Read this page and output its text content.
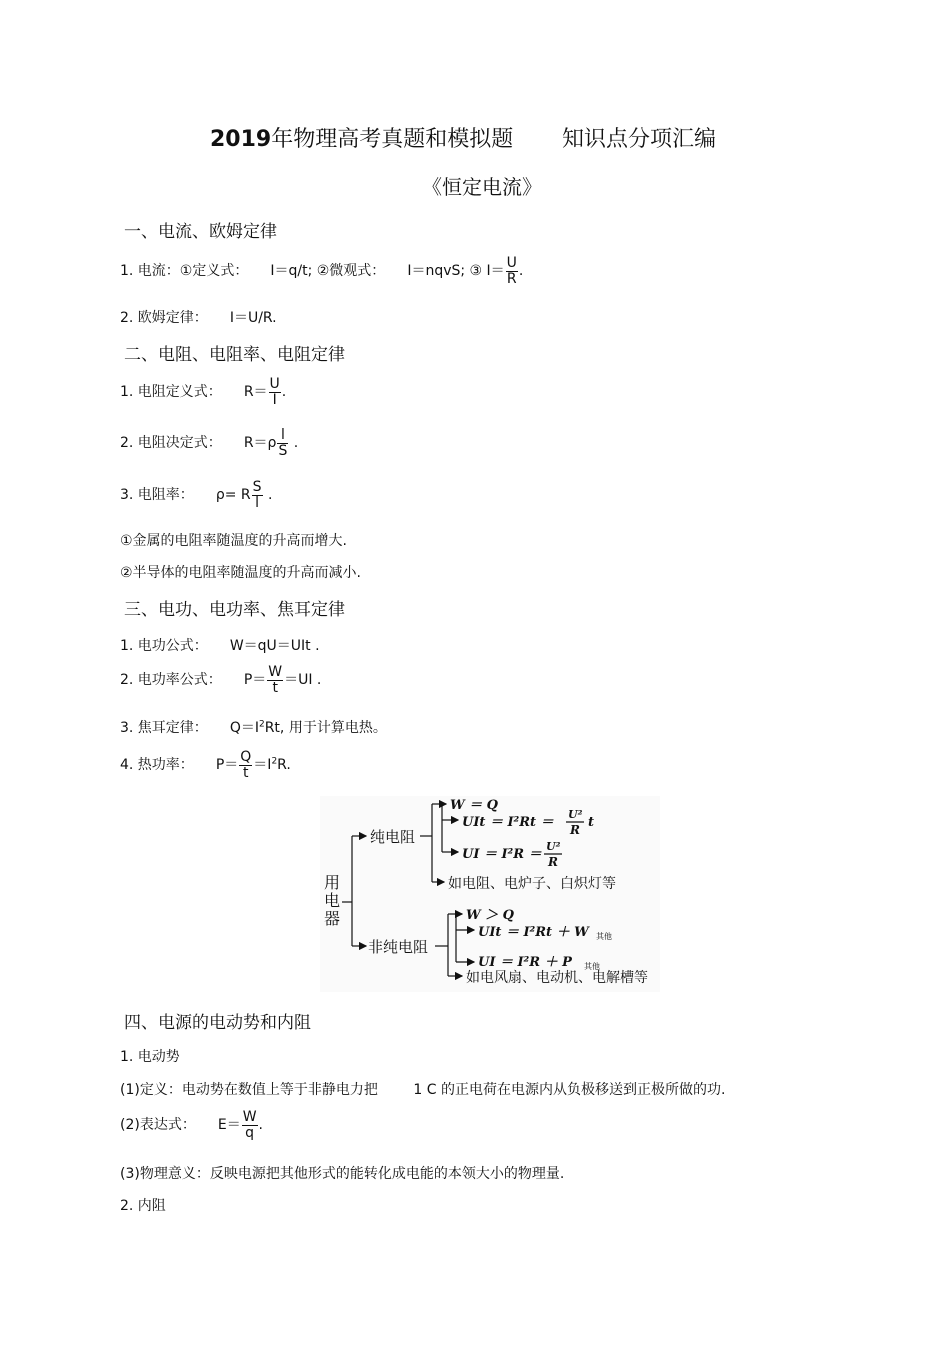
2019年物理高考真题和模拟题 知识点分项汇编
《恒定电流》
一、电流、欧姆定律
1. 电流：①定义式： I＝q/t; ②微观式： I＝nqvS; ③ $I= \frac{U}{R}$ .
2. 欧姆定律： I＝U/R.
二、电阻、电阻率、电阻定律
1. 电阻定义式： $R= \frac{U}{I}$ .
2. 电阻决定式： $R=\rho \frac{l}{S}$ .
3. 电阻率： ρ= R $\frac{S}{l}$ .
①金属的电阻率随温度的升高而增大.
②半导体的电阻率随温度的升高而减小.
三、电功、电功率、焦耳定律
1. 电功公式： W＝qU＝UIt .
2. 电功率公式： $P= \frac{W}{t} =UI$ .
3. 焦耳定律： $Q=I^2Rt$, 用于计算电热。
4. 热功率： $P= \frac{Q}{t} =I^2R$.
用
电
器
纯电阻
非纯电阻
W ＝ Q
UIt ＝ I²Rt ＝
U²
R t
UI ＝ I²R ＝
U²
R
如电阻、电炉子、白炽灯等
W ＞ Q
UIt ＝ I²Rt ＋ W 其他
UI ＝ I²R ＋ P 其他
如电风扇、电动机、电解槽等
四、电源的电动势和内阻
1. 电动势
(1)定义：电动势在数值上等于非静电力把        1 C 的正电荷在电源内从负极移送到正极所做的功.
(2)表达式： $E= \frac{W}{q}$ .
(3)物理意义：反映电源把其他形式的能转化成电能的本领大小的物理量.
2. 内阻
